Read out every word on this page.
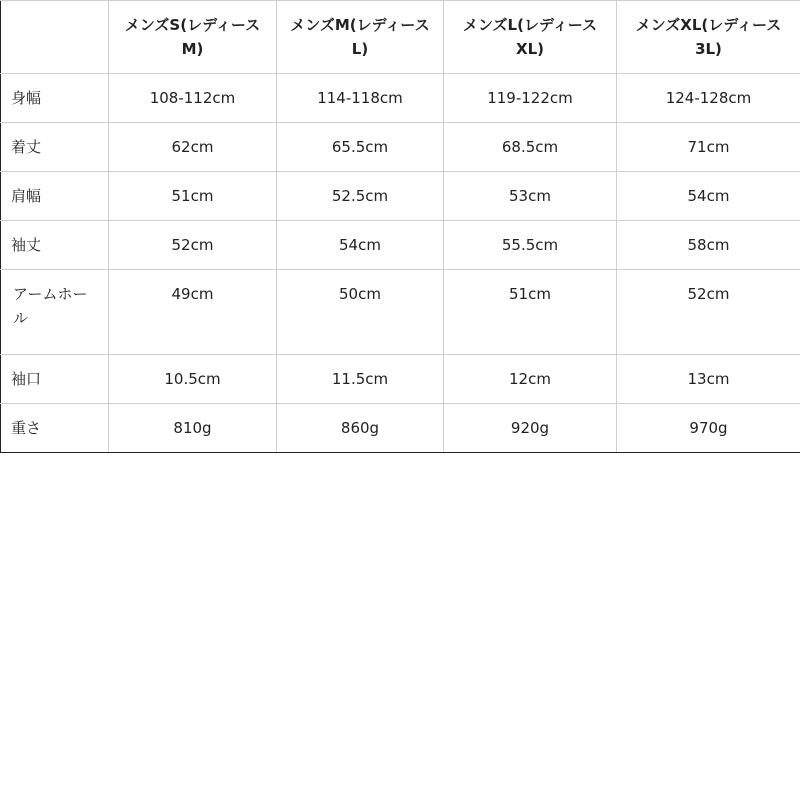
	メンズS(レディースM)	メンズM(レディースL)	メンズL(レディースXL)	メンズXL(レディース3L)
身幅	108-112cm	114-118cm	119-122cm	124-128cm
着丈	62cm	65.5cm	68.5cm	71cm
肩幅	51cm	52.5cm	53cm	54cm
袖丈	52cm	54cm	55.5cm	58cm
アームホール	49cm	50cm	51cm	52cm
袖口	10.5cm	11.5cm	12cm	13cm
重さ	810g	860g	920g	970g
